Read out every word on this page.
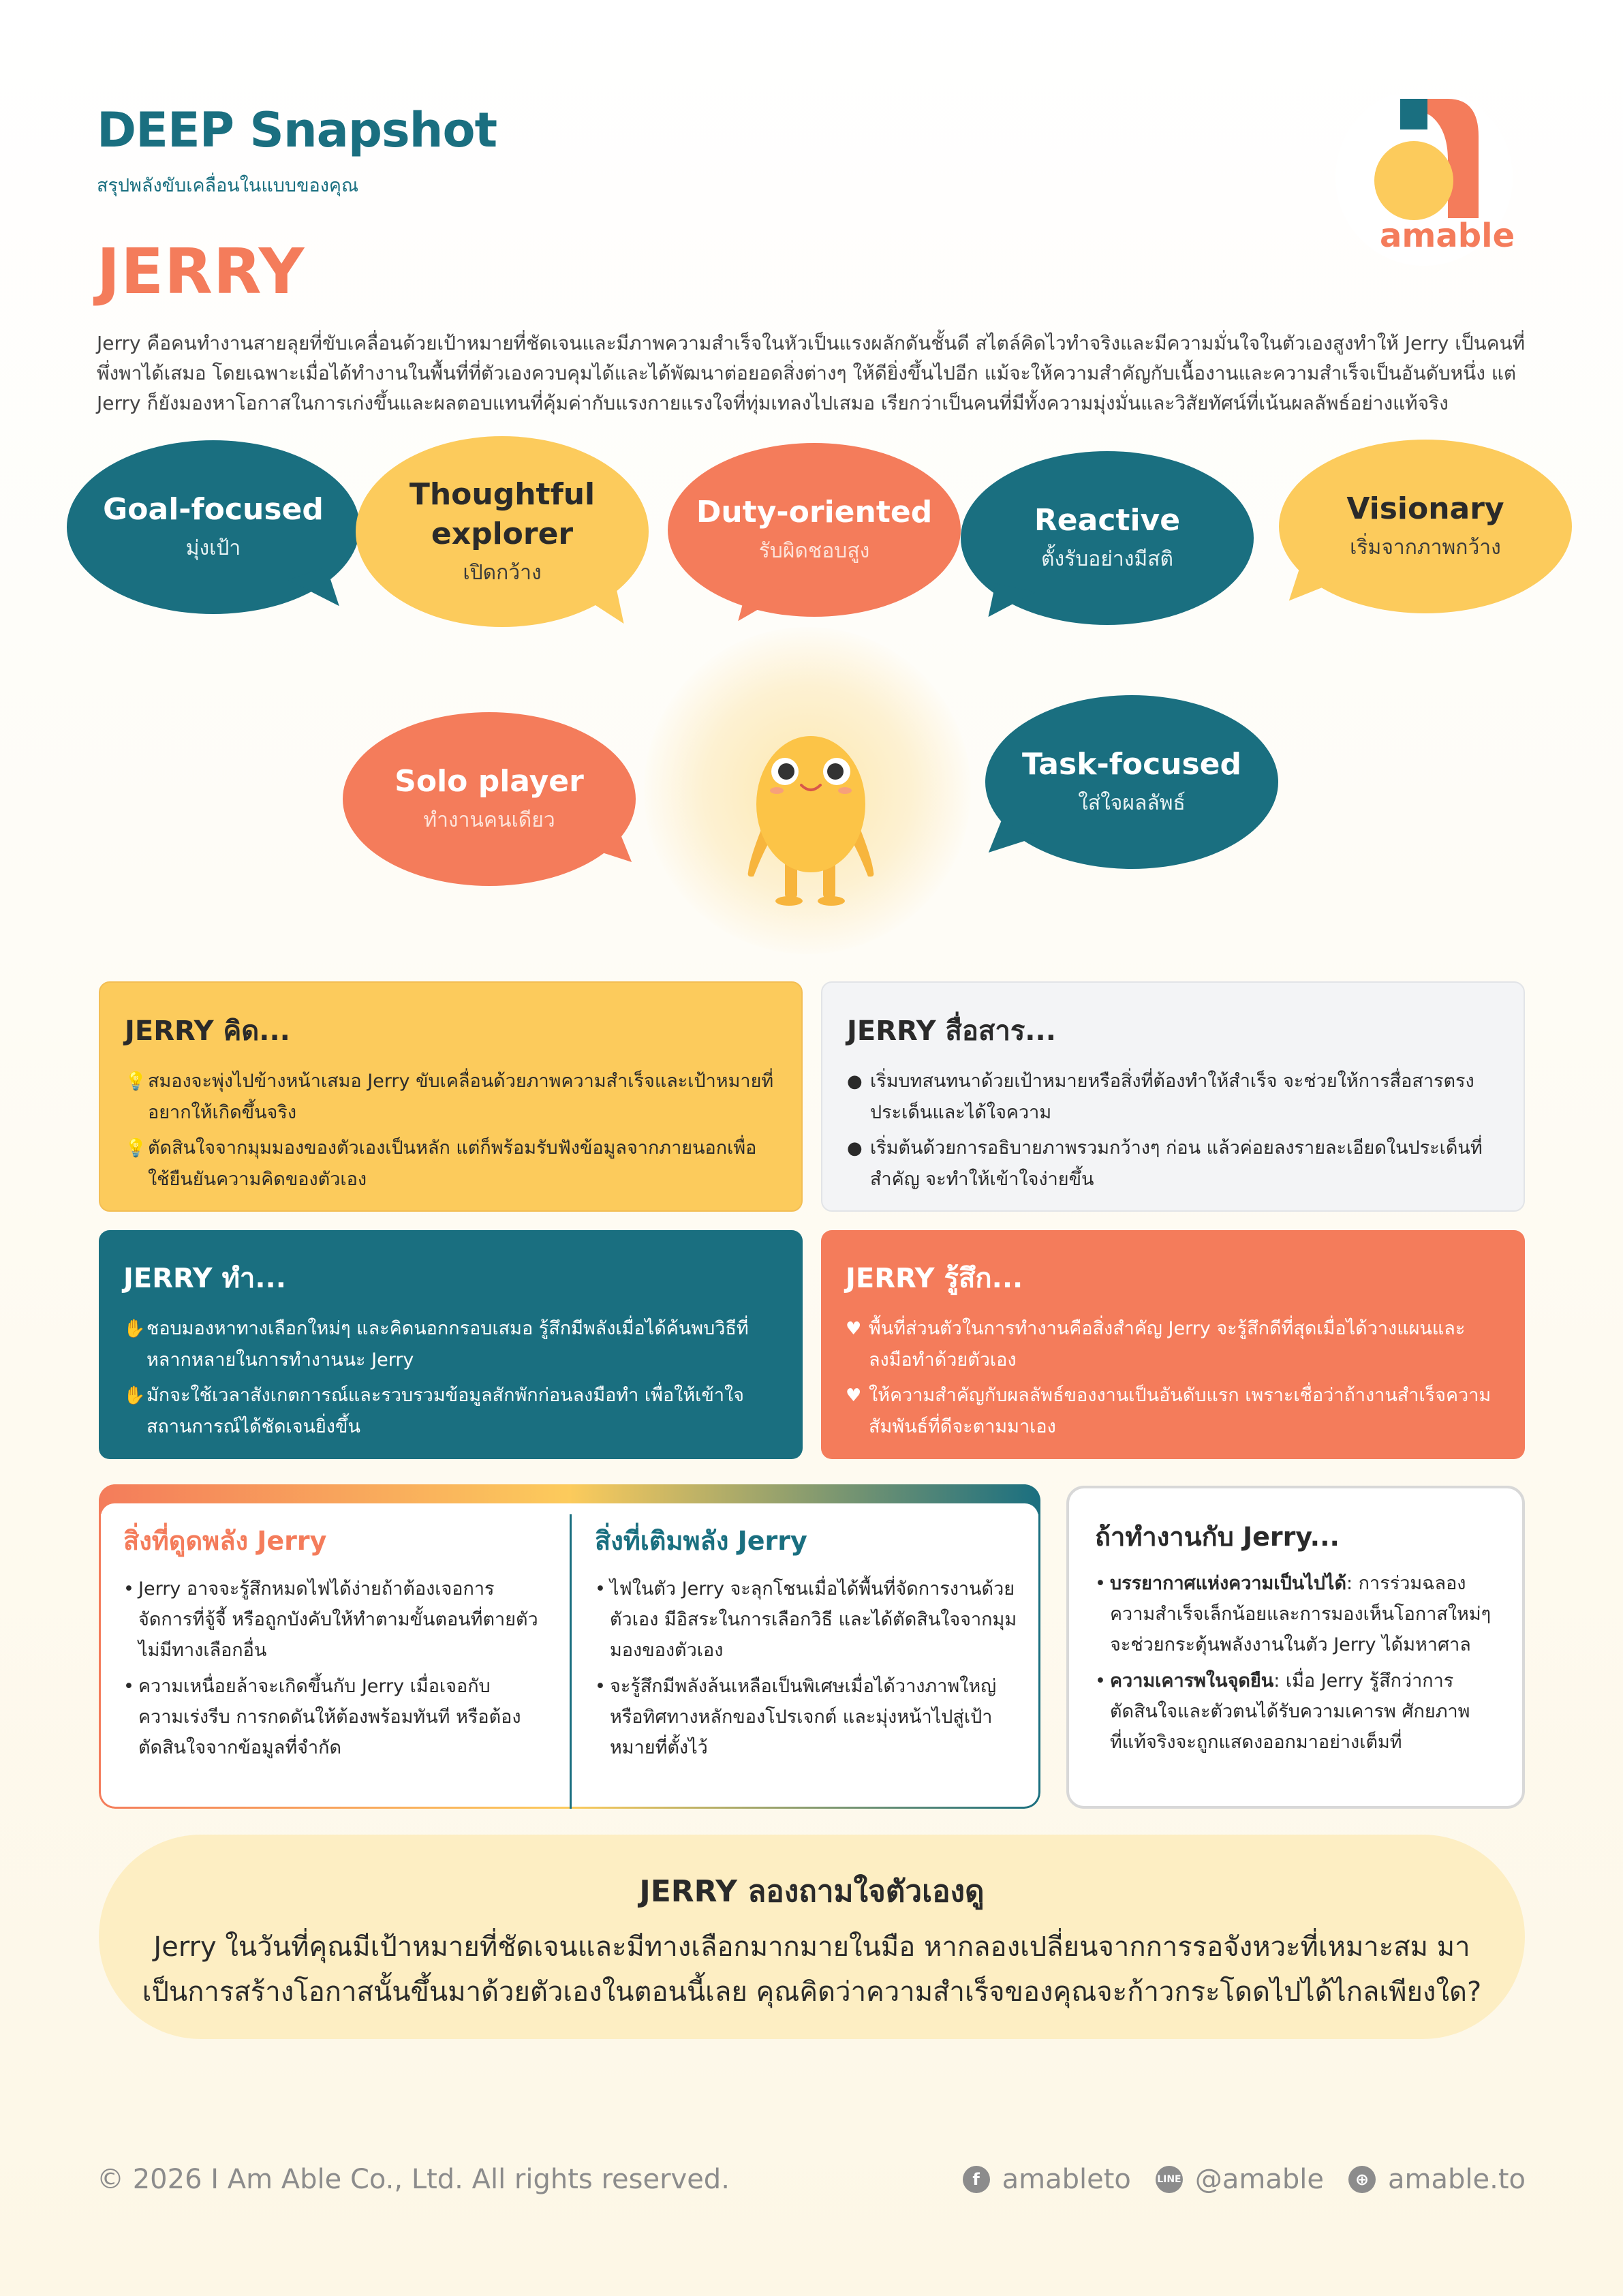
DEEP Snapshot
สรุปพลังขับเคลื่อนในแบบของคุณ
JERRY	amable
Jerry คือคนทำงานสายลุยที่ขับเคลื่อนด้วยเป้าหมายที่ชัดเจนและมีภาพความสำเร็จในหัวเป็นแรงผลักดันชั้นดี สไตล์คิดไวทำจริงและมีความมั่นใจในตัวเองสูงทำให้ Jerry เป็นคนที่พึ่งพาได้เสมอ โดยเฉพาะเมื่อได้ทำงานในพื้นที่ที่ตัวเองควบคุมได้และได้พัฒนาต่อยอดสิ่งต่างๆ ให้ดียิ่งขึ้นไปอีก แม้จะให้ความสำคัญกับเนื้องานและความสำเร็จเป็นอันดับหนึ่ง แต่ Jerry ก็ยังมองหาโอกาสในการเก่งขึ้นและผลตอบแทนที่คุ้มค่ากับแรงกายแรงใจที่ทุ่มเทลงไปเสมอ เรียกว่าเป็นคนที่มีทั้งความมุ่งมั่นและวิสัยทัศน์ที่เน้นผลลัพธ์อย่างแท้จริง
Goal-focused
มุ่งเป้า
Thoughtful explorer
เปิดกว้าง
Duty-oriented
รับผิดชอบสูง
Reactive
ตั้งรับอย่างมีสติ
Visionary
เริ่มจากภาพกว้าง
Solo player
ทำงานคนเดียว
Task-focused
ใส่ใจผลลัพธ์
JERRY คิด...
💡 สมองจะพุ่งไปข้างหน้าเสมอ Jerry ขับเคลื่อนด้วยภาพความสำเร็จและเป้าหมายที่อยากให้เกิดขึ้นจริง
💡 ตัดสินใจจากมุมมองของตัวเองเป็นหลัก แต่ก็พร้อมรับฟังข้อมูลจากภายนอกเพื่อใช้ยืนยันความคิดของตัวเอง
JERRY สื่อสาร...
● เริ่มบทสนทนาด้วยเป้าหมายหรือสิ่งที่ต้องทำให้สำเร็จ จะช่วยให้การสื่อสารตรงประเด็นและได้ใจความ
● เริ่มต้นด้วยการอธิบายภาพรวมกว้างๆ ก่อน แล้วค่อยลงรายละเอียดในประเด็นที่สำคัญ จะทำให้เข้าใจง่ายขึ้น
JERRY ทำ...
✋ ชอบมองหาทางเลือกใหม่ๆ และคิดนอกกรอบเสมอ รู้สึกมีพลังเมื่อได้ค้นพบวิธีที่หลากหลายในการทำงานนะ Jerry
✋ มักจะใช้เวลาสังเกตการณ์และรวบรวมข้อมูลสักพักก่อนลงมือทำ เพื่อให้เข้าใจสถานการณ์ได้ชัดเจนยิ่งขึ้น
JERRY รู้สึก...
♥ พื้นที่ส่วนตัวในการทำงานคือสิ่งสำคัญ Jerry จะรู้สึกดีที่สุดเมื่อได้วางแผนและลงมือทำด้วยตัวเอง
♥ ให้ความสำคัญกับผลลัพธ์ของงานเป็นอันดับแรก เพราะเชื่อว่าถ้างานสำเร็จความสัมพันธ์ที่ดีจะตามมาเอง
สิ่งที่ดูดพลัง Jerry
• Jerry อาจจะรู้สึกหมดไฟได้ง่ายถ้าต้องเจอการจัดการที่จู้จี้ หรือถูกบังคับให้ทำตามขั้นตอนที่ตายตัว ไม่มีทางเลือกอื่น
• ความเหนื่อยล้าจะเกิดขึ้นกับ Jerry เมื่อเจอกับความเร่งรีบ การกดดันให้ต้องพร้อมทันที หรือต้องตัดสินใจจากข้อมูลที่จำกัด
สิ่งที่เติมพลัง Jerry
• ไฟในตัว Jerry จะลุกโชนเมื่อได้พื้นที่จัดการงานด้วยตัวเอง มีอิสระในการเลือกวิธี และได้ตัดสินใจจากมุมมองของตัวเอง
• จะรู้สึกมีพลังล้นเหลือเป็นพิเศษเมื่อได้วางภาพใหญ่หรือทิศทางหลักของโปรเจกต์ และมุ่งหน้าไปสู่เป้าหมายที่ตั้งไว้
ถ้าทำงานกับ Jerry...
• บรรยากาศแห่งความเป็นไปได้: การร่วมฉลองความสำเร็จเล็กน้อยและการมองเห็นโอกาสใหม่ๆ จะช่วยกระตุ้นพลังงานในตัว Jerry ได้มหาศาล
• ความเคารพในจุดยืน: เมื่อ Jerry รู้สึกว่าการตัดสินใจและตัวตนได้รับความเคารพ ศักยภาพที่แท้จริงจะถูกแสดงออกมาอย่างเต็มที่
JERRY ลองถามใจตัวเองดู

Jerry ในวันที่คุณมีเป้าหมายที่ชัดเจนและมีทางเลือกมากมายในมือ หากลองเปลี่ยนจากการรอจังหวะที่เหมาะสม มาเป็นการสร้างโอกาสนั้นขึ้นมาด้วยตัวเองในตอนนี้เลย คุณคิดว่าความสำเร็จของคุณจะก้าวกระโดดไปได้ไกลเพียงใด?

© 2026 I Am Able Co., Ltd. All rights reserved.	f amableto	LINE @amable	⊕ amable.to
